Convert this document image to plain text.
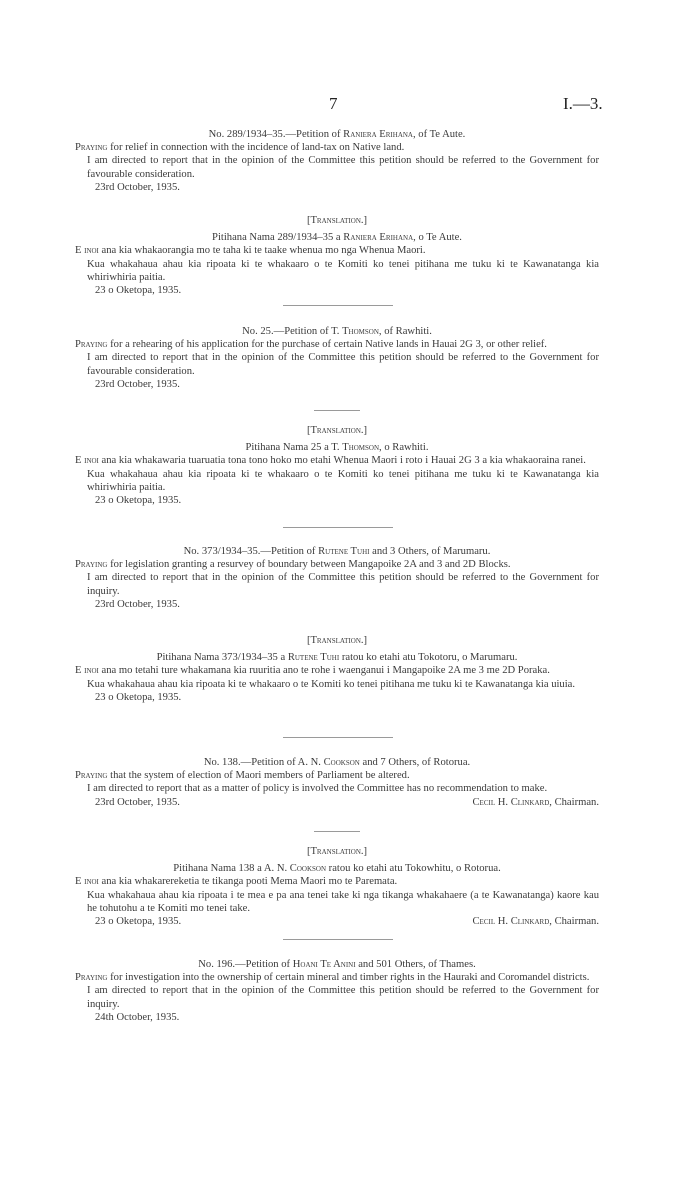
7	I.—3.

No. 289/1934–35.—Petition of Raniera Erihana, of Te Aute.

Praying for relief in connection with the incidence of land-tax on Native land.

I am directed to report that in the opinion of the Committee this petition should be referred to the Government for favourable consideration.

23rd October, 1935.

[Translation.]

Pitihana Nama 289/1934–35 a Raniera Erihana, o Te Aute.

E inoi ana kia whakaorangia mo te taha ki te taake whenua mo nga Whenua Maori.

Kua whakahaua ahau kia ripoata ki te whakaaro o te Komiti ko tenei pitihana me tuku ki te Kawanatanga kia whiriwhiria paitia.

23 o Oketopa, 1935.

No. 25.—Petition of T. Thomson, of Rawhiti.

Praying for a rehearing of his application for the purchase of certain Native lands in Hauai 2G 3, or other relief.

I am directed to report that in the opinion of the Committee this petition should be referred to the Government for favourable consideration.

23rd October, 1935.

[Translation.]

Pitihana Nama 25 a T. Thomson, o Rawhiti.

E inoi ana kia whakawaria tuaruatia tona tono hoko mo etahi Whenua Maori i roto i Hauai 2G 3 a kia whakaoraina ranei.

Kua whakahaua ahau kia ripoata ki te whakaaro o te Komiti ko tenei pitihana me tuku ki te Kawanatanga kia whiriwhiria paitia.

23 o Oketopa, 1935.

No. 373/1934–35.—Petition of Rutene Tuhi and 3 Others, of Marumaru.

Praying for legislation granting a resurvey of boundary between Mangapoike 2A and 3 and 2D Blocks.

I am directed to report that in the opinion of the Committee this petition should be referred to the Government for inquiry.

23rd October, 1935.

[Translation.]

Pitihana Nama 373/1934–35 a Rutene Tuhi ratou ko etahi atu Tokotoru, o Marumaru.

E inoi ana mo tetahi ture whakamana kia ruuritia ano te rohe i waenganui i Mangapoike 2A me 3 me 2D Poraka.

Kua whakahaua ahau kia ripoata ki te whakaaro o te Komiti ko tenei pitihana me tuku ki te Kawanatanga kia uiuia.

23 o Oketopa, 1935.

No. 138.—Petition of A. N. Cookson and 7 Others, of Rotorua.

Praying that the system of election of Maori members of Parliament be altered.

I am directed to report that as a matter of policy is involved the Committee has no recommendation to make.

23rd October, 1935.	Cecil H. Clinkard, Chairman.

[Translation.]

Pitihana Nama 138 a A. N. Cookson ratou ko etahi atu Tokowhitu, o Rotorua.

E inoi ana kia whakarereketia te tikanga pooti Mema Maori mo te Paremata.

Kua whakahaua ahau kia ripoata i te mea e pa ana tenei take ki nga tikanga whakahaere (a te Kawanatanga) kaore kau he tohutohu a te Komiti mo tenei take.

23 o Oketopa, 1935.	Cecil H. Clinkard, Chairman.

No. 196.—Petition of Hoani Te Anini and 501 Others, of Thames.

Praying for investigation into the ownership of certain mineral and timber rights in the Hauraki and Coromandel districts.

I am directed to report that in the opinion of the Committee this petition should be referred to the Government for inquiry.

24th October, 1935.
